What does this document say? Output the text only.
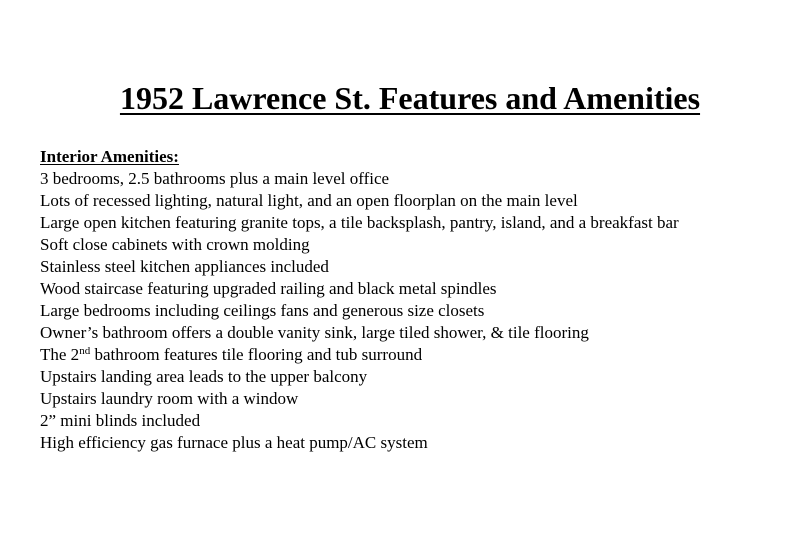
1952 Lawrence St. Features and Amenities
Interior Amenities:
3 bedrooms, 2.5 bathrooms plus a main level office
Lots of recessed lighting, natural light, and an open floorplan on the main level
Large open kitchen featuring granite tops, a tile backsplash, pantry, island, and a breakfast bar
Soft close cabinets with crown molding
Stainless steel kitchen appliances included
Wood staircase featuring upgraded railing and black metal spindles
Large bedrooms including ceilings fans and generous size closets
Owner’s bathroom offers a double vanity sink, large tiled shower, & tile flooring
The 2nd bathroom features tile flooring and tub surround
Upstairs landing area leads to the upper balcony
Upstairs laundry room with a window
2” mini blinds included
High efficiency gas furnace plus a heat pump/AC system
